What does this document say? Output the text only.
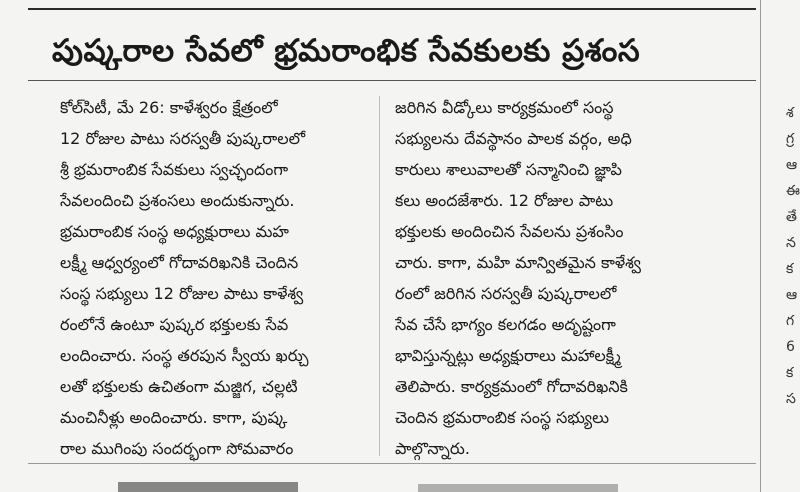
పుష్కరాల సేవలో భ్రమరాంభిక సేవకులకు ప్రశంస
కోల్‌సిటీ, మే 26: కాళేశ్వరం క్షేత్రంలో
12 రోజుల పాటు సరస్వతీ పుష్కరాలలో
శ్రీ భ్రమరాంబిక సేవకులు స్వచ్ఛందంగా
సేవలందించి ప్రశంసలు అందుకున్నారు.
భ్రమరాంబిక సంస్థ అధ్యక్షురాలు మహ
లక్ష్మీ ఆధ్వర్యంలో గోదావరిఖనికి చెందిన
సంస్థ సభ్యులు 12 రోజుల పాటు కాళేశ్వ
రంలోనే ఉంటూ పుష్కర భక్తులకు సేవ
లందించారు. సంస్థ తరపున స్వీయ ఖర్చు
లతో భక్తులకు ఉచితంగా మజ్జిగ, చల్లటి
మంచినీళ్లు అందించారు. కాగా, పుష్క
రాల ముగింపు సందర్భంగా సోమవారం
జరిగిన వీడ్కోలు కార్యక్రమంలో సంస్థ
సభ్యులను దేవస్థానం పాలక వర్గం, అధి
కారులు శాలువాలతో సన్మానించి జ్ఞాపి
కలు అందజేశారు. 12 రోజుల పాటు
భక్తులకు అందించిన సేవలను ప్రశంసిం
చారు. కాగా, మహి మాన్వితమైన కాళేశ్వ
రంలో జరిగిన సరస్వతీ పుష్కరాలలో
సేవ చేసే భాగ్యం కలగడం అదృష్టంగా
భావిస్తున్నట్లు అధ్యక్షురాలు మహాలక్ష్మీ
తెలిపారు. కార్యక్రమంలో గోదావరిఖనికి
చెందిన భ్రమరాంబిక సంస్థ సభ్యులు
పాల్గొన్నారు.
శ
గ్ర
ఆ
ఈ
తే
న
క
ఆ
గ
6
క
స
